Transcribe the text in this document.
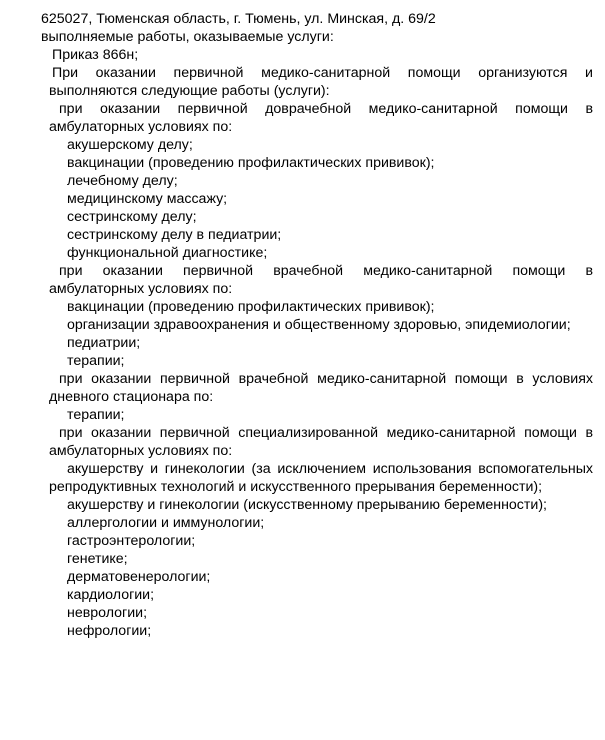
625027, Тюменская область, г. Тюмень, ул. Минская, д. 69/2
выполняемые работы, оказываемые услуги:
Приказ 866н;
При оказании первичной медико-санитарной помощи организуются и выполняются следующие работы (услуги):
при оказании первичной доврачебной медико-санитарной помощи в амбулаторных условиях по:
акушерскому делу;
вакцинации (проведению профилактических прививок);
лечебному делу;
медицинскому массажу;
сестринскому делу;
сестринскому делу в педиатрии;
функциональной диагностике;
при оказании первичной врачебной медико-санитарной помощи в амбулаторных условиях по:
вакцинации (проведению профилактических прививок);
организации здравоохранения и общественному здоровью, эпидемиологии;
педиатрии;
терапии;
при оказании первичной врачебной медико-санитарной помощи в условиях дневного стационара по:
терапии;
при оказании первичной специализированной медико-санитарной помощи в амбулаторных условиях по:
акушерству и гинекологии (за исключением использования вспомогательных репродуктивных технологий и искусственного прерывания беременности);
акушерству и гинекологии (искусственному прерыванию беременности);
аллергологии и иммунологии;
гастроэнтерологии;
генетике;
дерматовенерологии;
кардиологии;
неврологии;
нефрологии;
